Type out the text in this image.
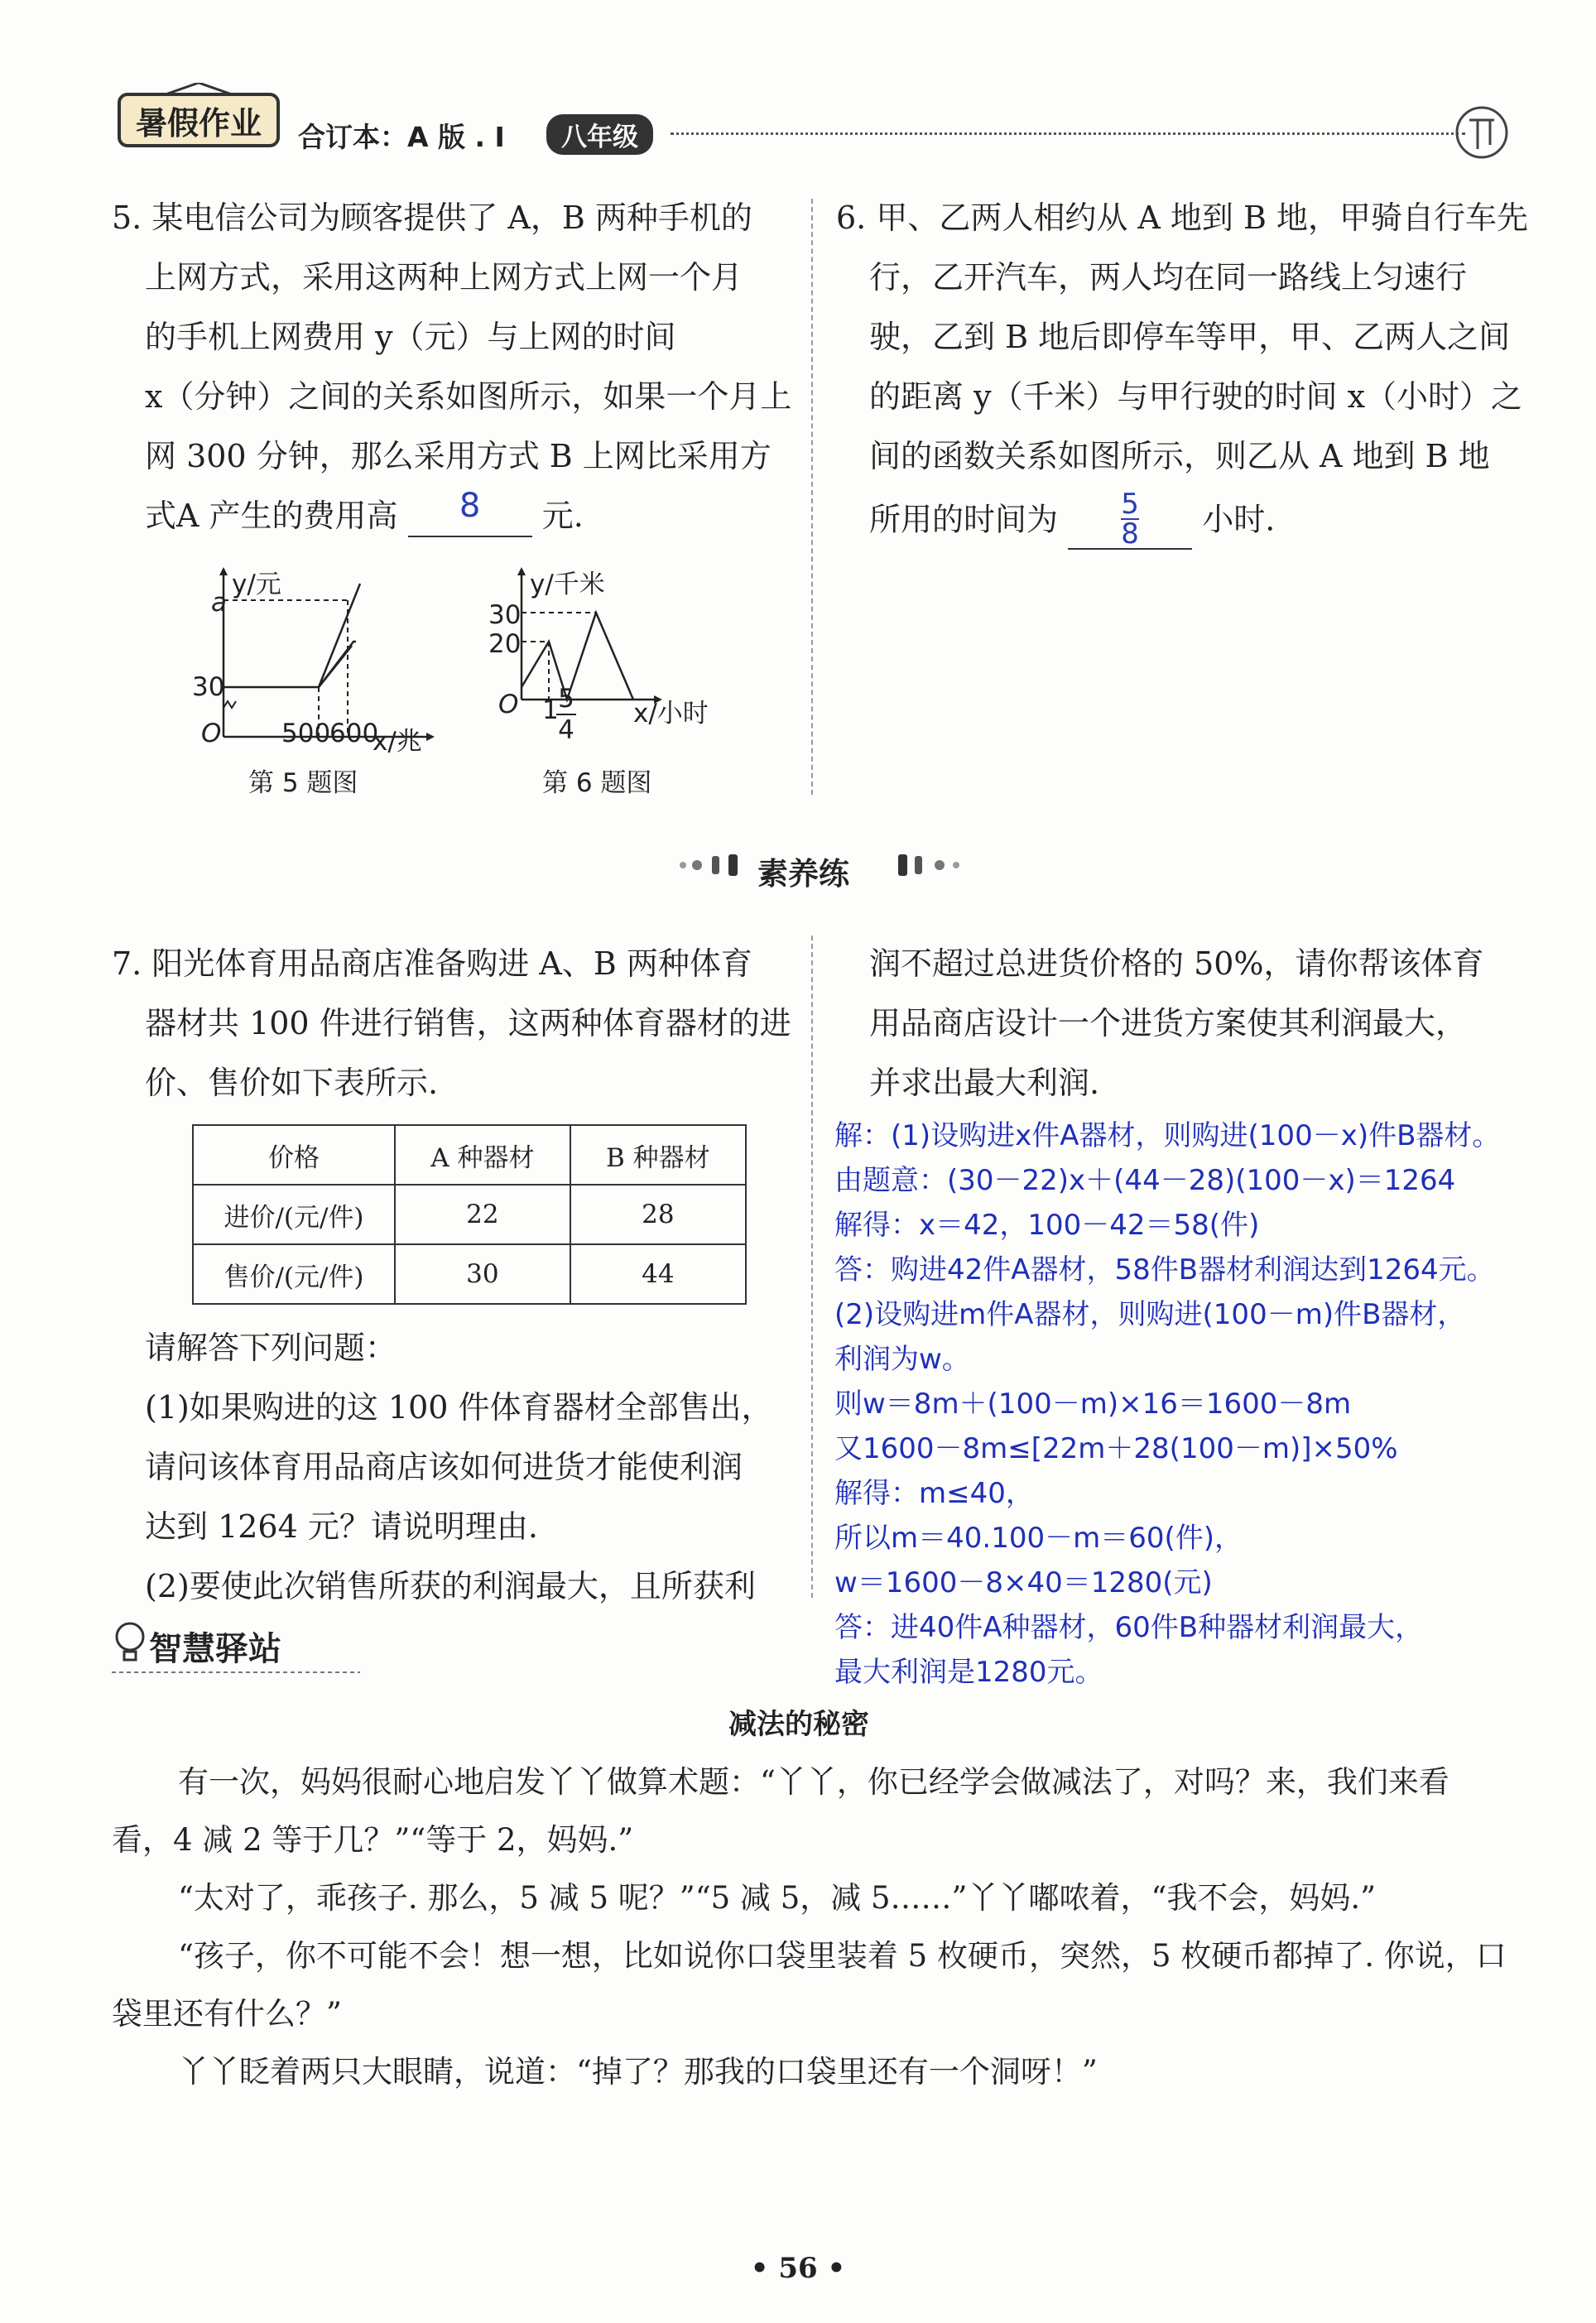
暑假作业	合订本：A 版 . I	八年级
5. 某电信公司为顾客提供了 A，B 两种手机的
上网方式，采用这两种上网方式上网一个月
的手机上网费用 y（元）与上网的时间
x（分钟）之间的关系如图所示，如果一个月上
网 300 分钟，那么采用方式 B 上网比采用方
式A 产生的费用高 8 元.
y/元
a
30
O 500
600
x/兆
第 5 题图
y/千米
30
20
O 1
$\frac{5}{4} x/$小时
第 6 题图
6. 甲、乙两人相约从 A 地到 B 地，甲骑自行车先
行，乙开汽车，两人均在同一路线上匀速行
驶，乙到 B 地后即停车等甲，甲、乙两人之间
的距离 y（千米）与甲行驶的时间 x（小时）之
间的函数关系如图所示，则乙从 A 地到 B 地
所用的时间为 $\frac{5}{8}$ 小时.
素养练
7. 阳光体育用品商店准备购进 A、B 两种体育
器材共 100 件进行销售，这两种体育器材的进
价、售价如下表所示.
价格	A 种器材	B 种器材
进价/(元/件)	22	28
售价/(元/件)	30	44
请解答下列问题：
(1)如果购进的这 100 件体育器材全部售出，
请问该体育用品商店该如何进货才能使利润
达到 1264 元？请说明理由.
(2)要使此次销售所获的利润最大，且所获利
润不超过总进货价格的 50%，请你帮该体育
用品商店设计一个进货方案使其利润最大，
并求出最大利润.
解：(1)设购进x件A器材，则购进(100－x)件B器材。
由题意：(30－22)x＋(44－28)(100－x)＝1264
解得：x＝42，100－42＝58(件)
答：购进42件A器材，58件B器材利润达到1264元。
(2)设购进m件A器材，则购进(100－m)件B器材，
利润为w。
则w＝8m＋(100－m)×16＝1600－8m
又1600－8m≤[22m＋28(100－m)]×50%
解得：m≤40，
所以m＝40.100－m＝60(件)，
w＝1600－8×40＝1280(元)
答：进40件A种器材，60件B种器材利润最大，
最大利润是1280元。
智慧驿站
减法的秘密
有一次，妈妈很耐心地启发丫丫做算术题：“丫丫，你已经学会做减法了，对吗？来，我们来看
看，4 减 2 等于几？”“等于 2，妈妈.”
“太对了，乖孩子. 那么，5 减 5 呢？”“5 减 5，减 5……”丫丫嘟哝着，“我不会，妈妈.”
“孩子，你不可能不会！想一想，比如说你口袋里装着 5 枚硬币，突然，5 枚硬币都掉了. 你说，口
袋里还有什么？”
丫丫眨着两只大眼睛，说道：“掉了？那我的口袋里还有一个洞呀！”
• 56 •
